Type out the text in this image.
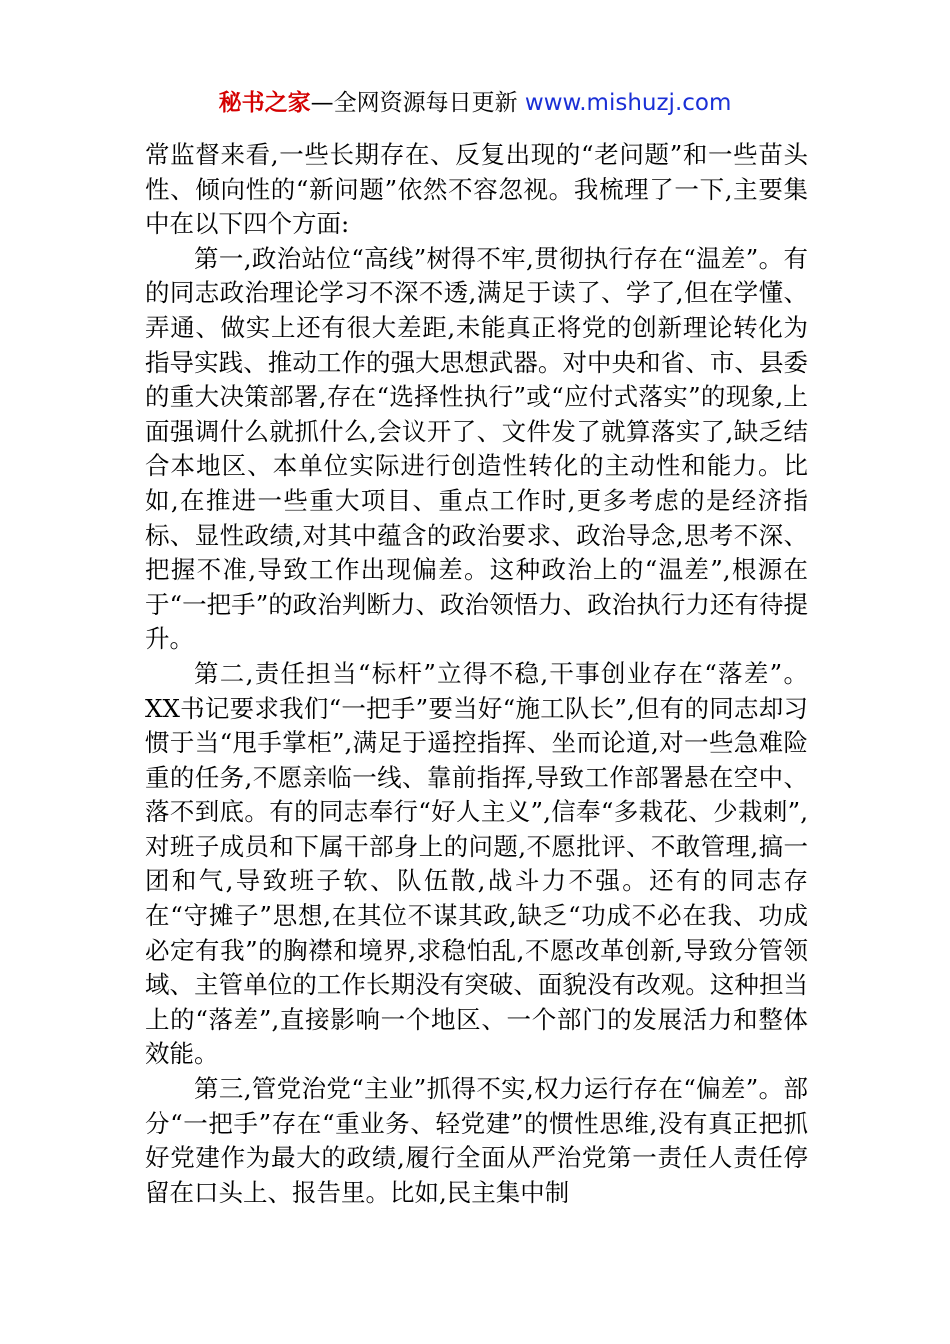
秘书之家—全网资源每日更新 www.mishuzj.com

常监督来看,一些长期存在、反复出现的“老问题”和一些苗头性、倾向性的“新问题”依然不容忽视。我梳理了一下,主要集中在以下四个方面:

第一,政治站位“高线”树得不牢,贯彻执行存在“温差”。有的同志政治理论学习不深不透,满足于读了、学了,但在学懂、弄通、做实上还有很大差距,未能真正将党的创新理论转化为指导实践、推动工作的强大思想武器。对中央和省、市、县委的重大决策部署,存在“选择性执行”或“应付式落实”的现象,上面强调什么就抓什么,会议开了、文件发了就算落实了,缺乏结合本地区、本单位实际进行创造性转化的主动性和能力。比如,在推进一些重大项目、重点工作时,更多考虑的是经济指标、显性政绩,对其中蕴含的政治要求、政治导念,思考不深、把握不准,导致工作出现偏差。这种政治上的“温差”,根源在于“一把手”的政治判断力、政治领悟力、政治执行力还有待提升。

第二,责任担当“标杆”立得不稳,干事创业存在“落差”。XX书记要求我们“一把手”要当好“施工队长”,但有的同志却习惯于当“甩手掌柜”,满足于遥控指挥、坐而论道,对一些急难险重的任务,不愿亲临一线、靠前指挥,导致工作部署悬在空中、落不到底。有的同志奉行“好人主义”,信奉“多栽花、少栽刺”,对班子成员和下属干部身上的问题,不愿批评、不敢管理,搞一团和气,导致班子软、队伍散,战斗力不强。还有的同志存在“守摊子”思想,在其位不谋其政,缺乏“功成不必在我、功成必定有我”的胸襟和境界,求稳怕乱,不愿改革创新,导致分管领域、主管单位的工作长期没有突破、面貌没有改观。这种担当上的“落差”,直接影响一个地区、一个部门的发展活力和整体效能。

第三,管党治党“主业”抓得不实,权力运行存在“偏差”。部分“一把手”存在“重业务、轻党建”的惯性思维,没有真正把抓好党建作为最大的政绩,履行全面从严治党第一责任人责任停留在口头上、报告里。比如,民主集中制
